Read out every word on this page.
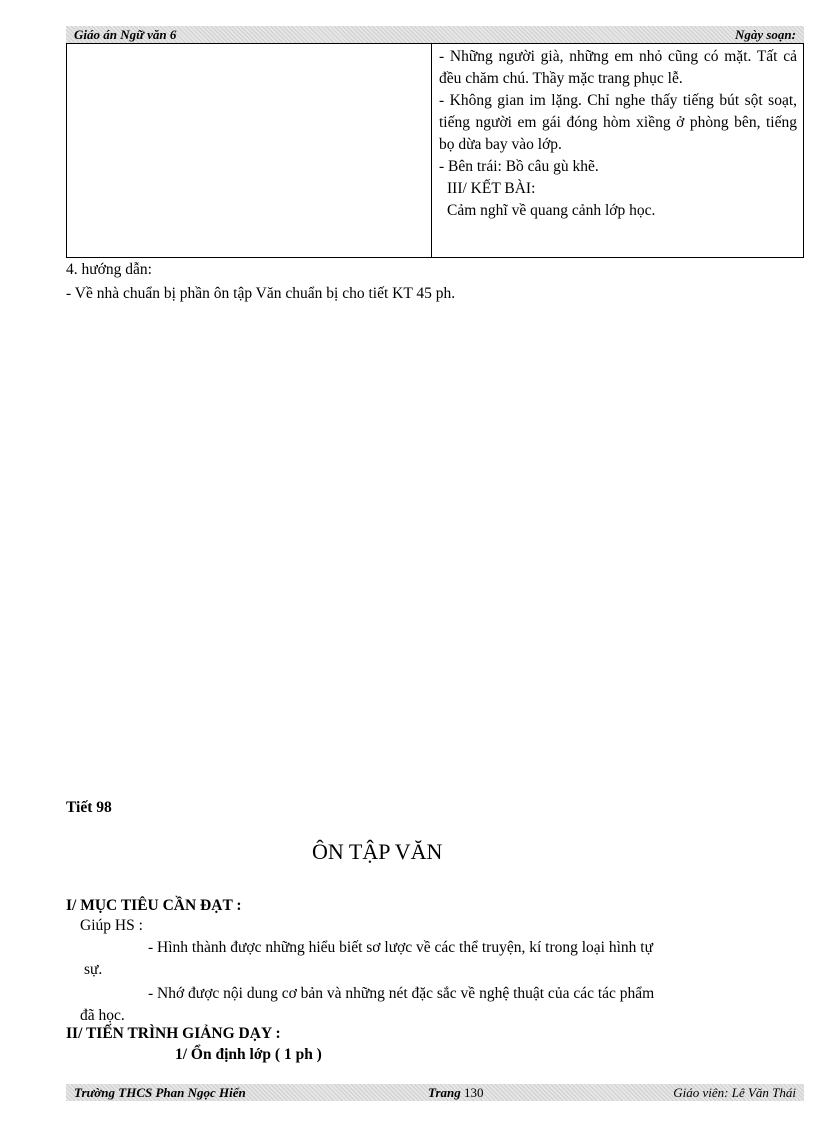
Giáo án Ngữ văn 6	Ngày soạn:

- Những người già, những em nhỏ cũng có mặt. Tất cả đều chăm chú. Thầy mặc trang phục lễ.

- Không gian im lặng. Chỉ nghe thấy tiếng bút sột soạt, tiếng người em gái đóng hòm xiềng ở phòng bên, tiếng bọ dừa bay vào lớp.

- Bên trái: Bồ câu gù khẽ.

III/ KẾT BÀI:

Cảm nghĩ về quang cảnh lớp học.

4. hướng dẫn:

- Về nhà chuẩn bị phần ôn tập Văn chuẩn bị cho tiết KT 45 ph.

Tiết 98

ÔN TẬP VĂN

I/ MỤC TIÊU CẦN ĐẠT :

Giúp HS :

- Hình thành được những hiểu biết sơ lược về các thể truyện, kí trong loại hình tự

sự.

- Nhớ được nội dung cơ bản và những nét đặc sắc về nghệ thuật của các tác phẩm

đã học.

II/ TIẾN TRÌNH GIẢNG DẠY :

1/ Ổn định lớp ( 1 ph )

Trường THCS Phan Ngọc Hiển	Trang 130	Giáo viên: Lê Văn Thái
